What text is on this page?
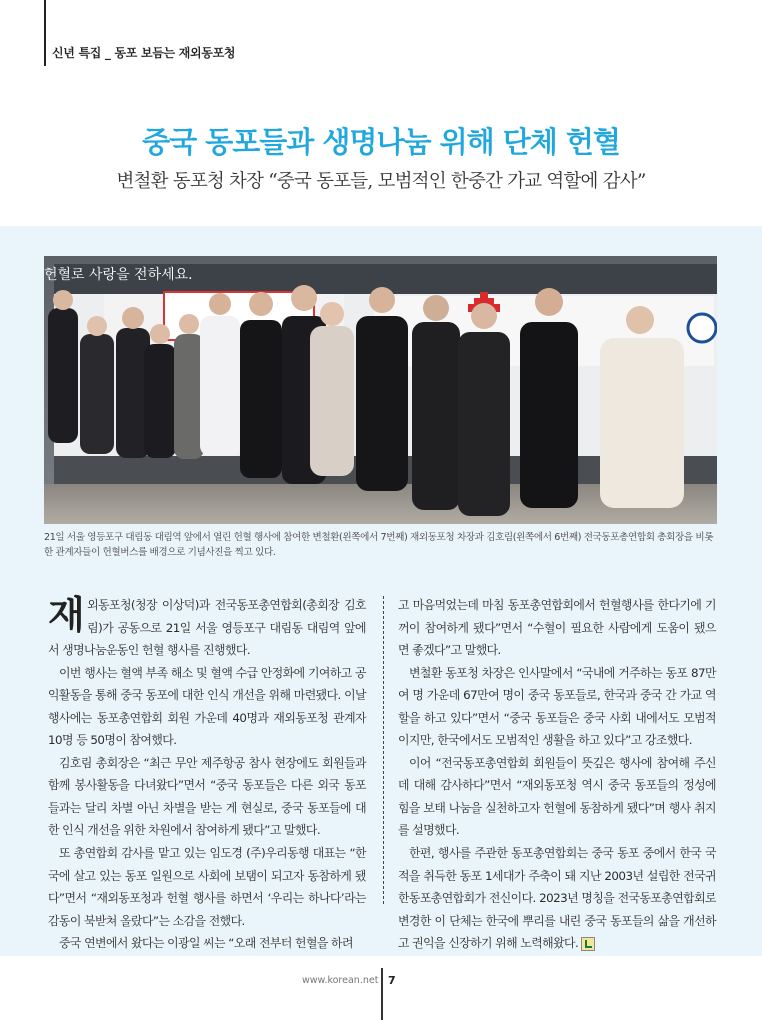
신년 특집 _ 동포 보듬는 재외동포청
중국 동포들과 생명나눔 위해 단체 헌혈
변철환 동포청 차장 “중국 동포들, 모범적인 한중간 가교 역할에 감사”
헌혈로 사랑을 전하세요.
21일 서울 영등포구 대림동 대림역 앞에서 열린 헌혈 행사에 참여한 변철환(왼쪽에서 7번째) 재외동포청 차장과 김호림(왼쪽에서 6번째) 전국동포총연합회 총회장을 비롯한 관계자들이 헌혈버스를 배경으로 기념사진을 찍고 있다.

재외동포청(청장 이상덕)과 전국동포총연합회(총회장 김호림)가 공동으로 21일 서울 영등포구 대림동 대림역 앞에서 생명나눔운동인 헌혈 행사를 진행했다.

이번 행사는 혈액 부족 해소 및 혈액 수급 안정화에 기여하고 공익활동을 통해 중국 동포에 대한 인식 개선을 위해 마련됐다. 이날 행사에는 동포총연합회 회원 가운데 40명과 재외동포청 관계자 10명 등 50명이 참여했다.

김호림 총회장은 “최근 무안 제주항공 참사 현장에도 회원들과 함께 봉사활동을 다녀왔다”면서 “중국 동포들은 다른 외국 동포들과는 달리 차별 아닌 차별을 받는 게 현실로, 중국 동포들에 대한 인식 개선을 위한 차원에서 참여하게 됐다”고 말했다.

또 총연합회 감사를 맡고 있는 임도경 (주)우리동행 대표는 “한국에 살고 있는 동포 일원으로 사회에 보탬이 되고자 동참하게 됐다”면서 “재외동포청과 헌혈 행사를 하면서 ‘우리는 하나다’라는 감동이 북받쳐 올랐다”는 소감을 전했다.

중국 연변에서 왔다는 이광일 씨는 “오래 전부터 헌혈을 하려

고 마음먹었는데 마침 동포총연합회에서 헌혈행사를 한다기에 기꺼이 참여하게 됐다”면서 “수혈이 필요한 사람에게 도움이 됐으면 좋겠다”고 말했다.

변철환 동포청 차장은 인사말에서 “국내에 거주하는 동포 87만여 명 가운데 67만여 명이 중국 동포들로, 한국과 중국 간 가교 역할을 하고 있다”면서 “중국 동포들은 중국 사회 내에서도 모범적이지만, 한국에서도 모범적인 생활을 하고 있다”고 강조했다.

이어 “전국동포총연합회 회원들이 뜻깊은 행사에 참여해 주신 데 대해 감사하다”면서 “재외동포청 역시 중국 동포들의 정성에 힘을 보태 나눔을 실천하고자 헌혈에 동참하게 됐다”며 행사 취지를 설명했다.

한편, 행사를 주관한 동포총연합회는 중국 동포 중에서 한국 국적을 취득한 동포 1세대가 주축이 돼 지난 2003년 설립한 전국귀한동포총연합회가 전신이다. 2023년 명칭을 전국동포총연합회로 변경한 이 단체는 한국에 뿌리를 내린 중국 동포들의 삶을 개선하고 권익을 신장하기 위해 노력해왔다.

www.korean.net 7
